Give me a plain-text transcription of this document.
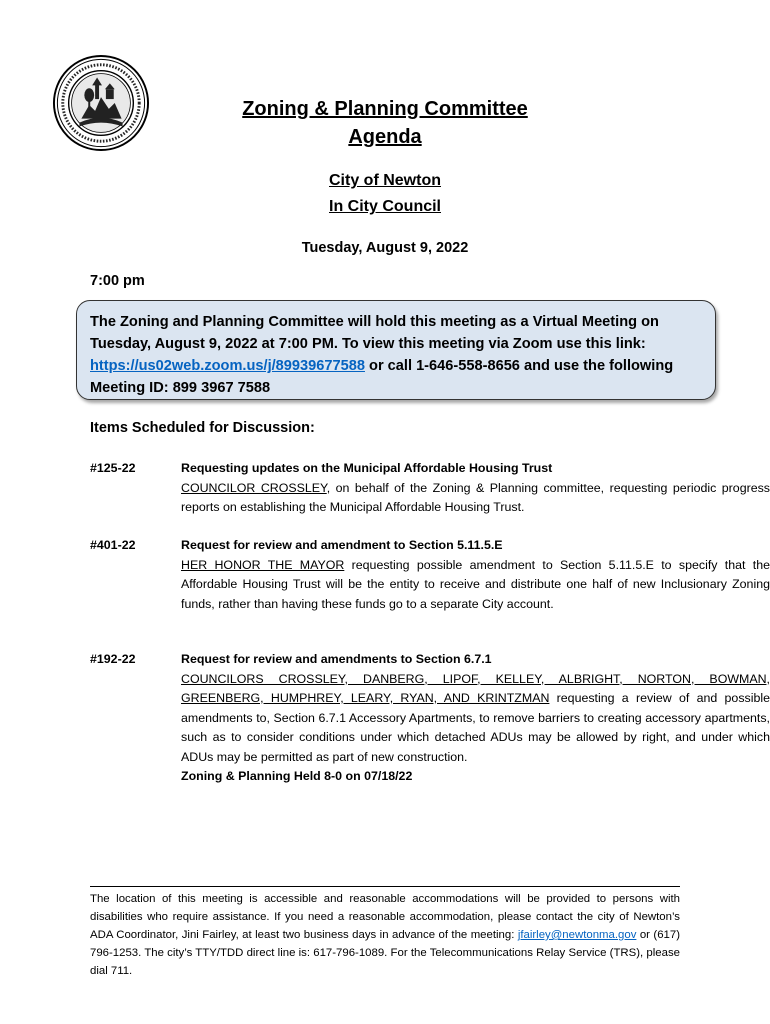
Zoning & Planning Committee
Agenda
City of Newton
In City Council
Tuesday, August 9, 2022
7:00 pm
The Zoning and Planning Committee will hold this meeting as a Virtual Meeting on Tuesday, August 9, 2022 at 7:00 PM. To view this meeting via Zoom use this link: https://us02web.zoom.us/j/89939677588 or call 1-646-558-8656 and use the following Meeting ID: 899 3967 7588
Items Scheduled for Discussion:
#125-22	Requesting updates on the Municipal Affordable Housing Trust
COUNCILOR CROSSLEY, on behalf of the Zoning & Planning committee, requesting periodic progress reports on establishing the Municipal Affordable Housing Trust.
#401-22	Request for review and amendment to Section 5.11.5.E
HER HONOR THE MAYOR requesting possible amendment to Section 5.11.5.E to specify that the Affordable Housing Trust will be the entity to receive and distribute one half of new Inclusionary Zoning funds, rather than having these funds go to a separate City account.
#192-22	Request for review and amendments to Section 6.7.1
COUNCILORS CROSSLEY, DANBERG, LIPOF, KELLEY, ALBRIGHT, NORTON, BOWMAN, GREENBERG, HUMPHREY, LEARY, RYAN, AND KRINTZMAN requesting a review of and possible amendments to, Section 6.7.1 Accessory Apartments, to remove barriers to creating accessory apartments, such as to consider conditions under which detached ADUs may be allowed by right, and under which ADUs may be permitted as part of new construction.
Zoning & Planning Held 8-0 on 07/18/22
The location of this meeting is accessible and reasonable accommodations will be provided to persons with disabilities who require assistance. If you need a reasonable accommodation, please contact the city of Newton’s ADA Coordinator, Jini Fairley, at least two business days in advance of the meeting: jfairley@newtonma.gov or (617) 796-1253. The city’s TTY/TDD direct line is: 617-796-1089. For the Telecommunications Relay Service (TRS), please dial 711.
